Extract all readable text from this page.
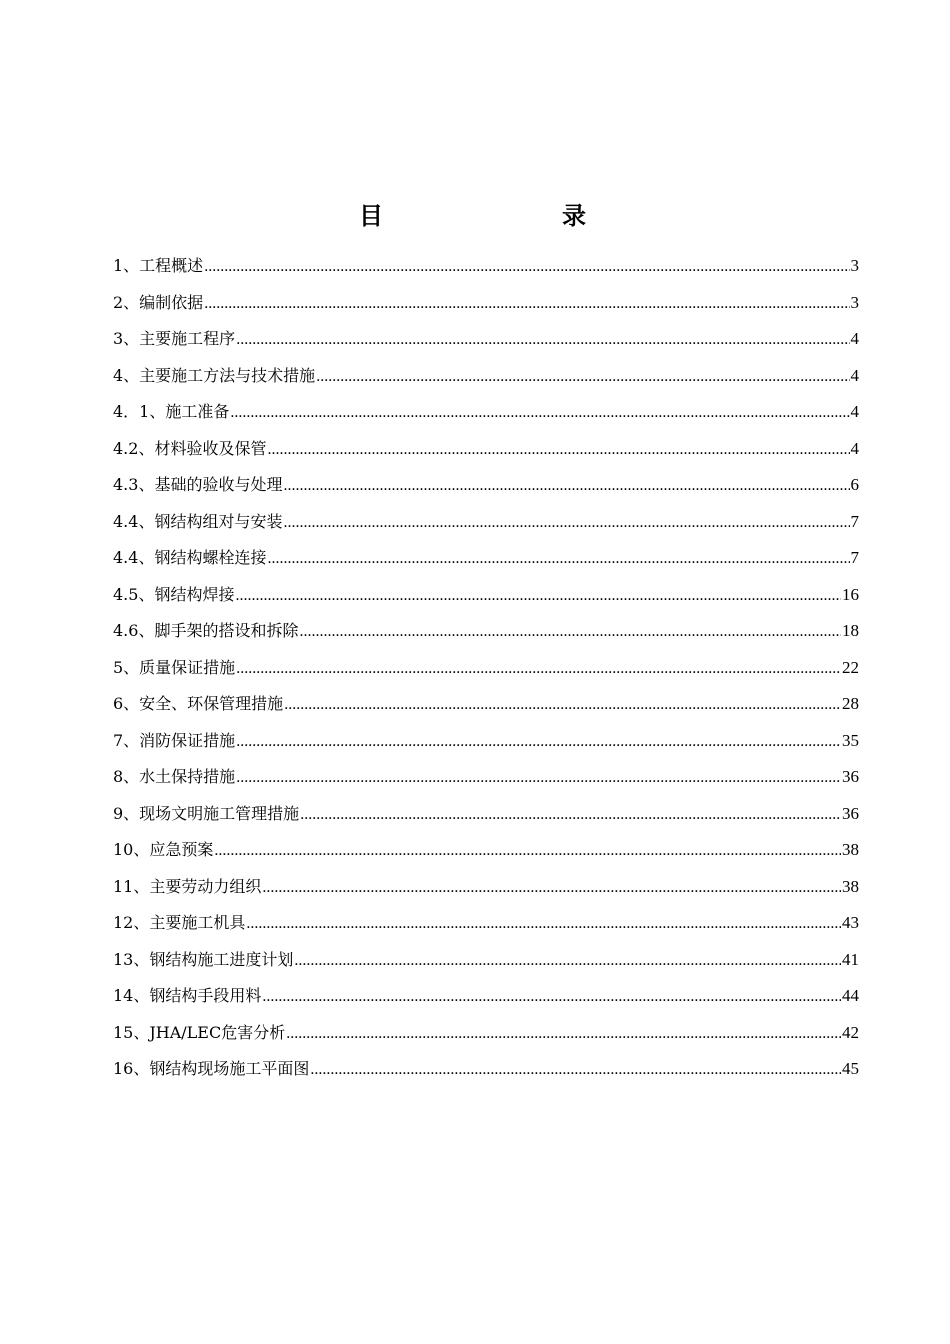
目	录
1、工程概述 .....	3
2、编制依据 .....	3
3、主要施工程序 .....	4
4、主要施工方法与技术措施 .....	4
4．1、施工准备 .....	4
4.2、材料验收及保管 .....	4
4.3、基础的验收与处理 .....	6
4.4、钢结构组对与安装 .....	7
4.4、钢结构螺栓连接 .....	7
4.5、钢结构焊接 .....	16
4.6、脚手架的搭设和拆除 .....	18
5、质量保证措施 .....	22
6、安全、环保管理措施 .....	28
7、消防保证措施 .....	35
8、水土保持措施 .....	36
9、现场文明施工管理措施 .....	36
10、应急预案 .....	38
11、主要劳动力组织 .....	38
12、主要施工机具 .....	43
13、钢结构施工进度计划 .....	41
14、钢结构手段用料 .....	44
15、JHA/LEC危害分析 .....	42
16、钢结构现场施工平面图 .....	45
